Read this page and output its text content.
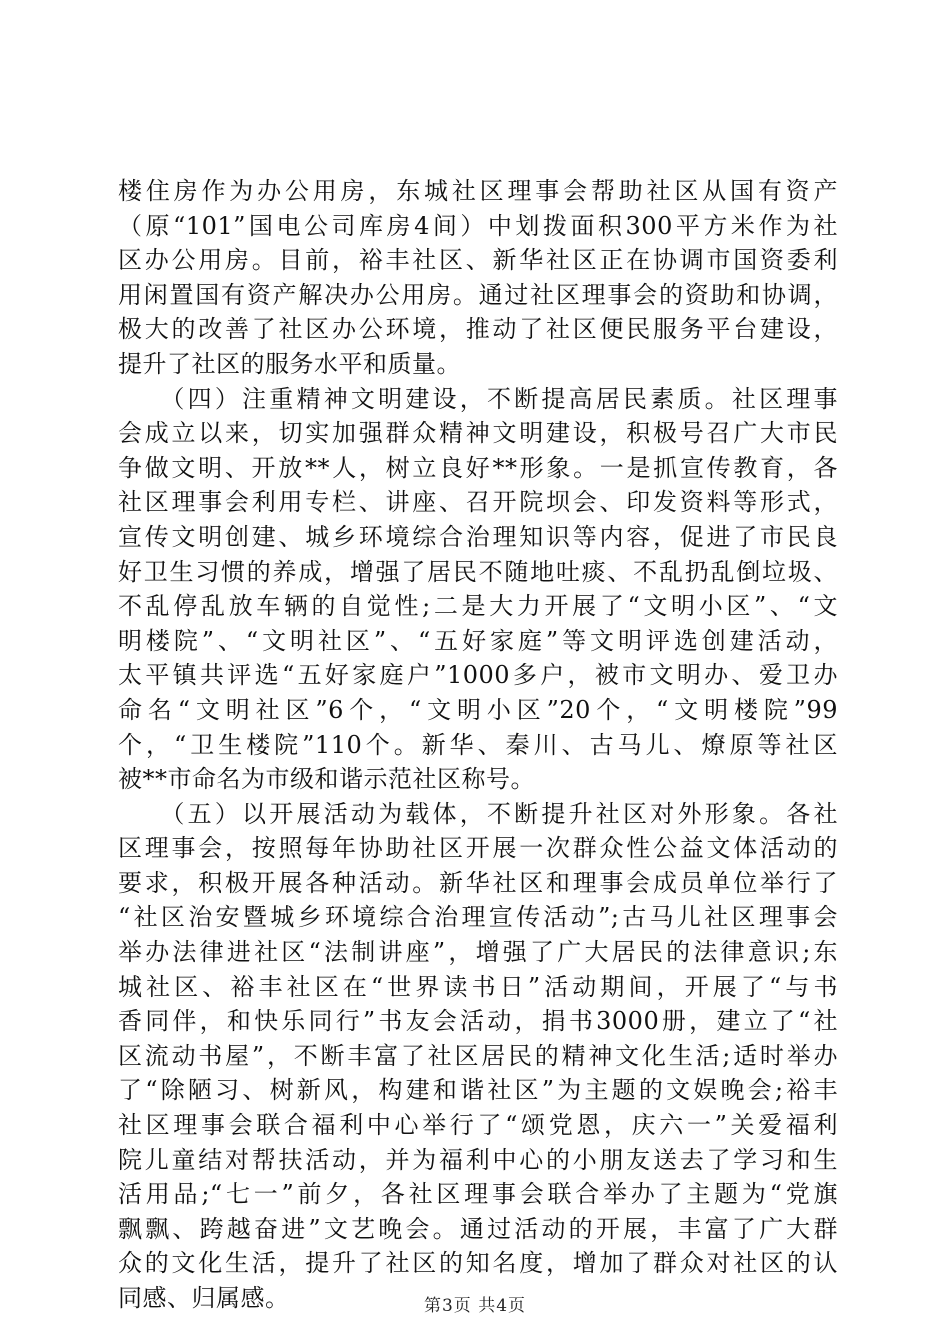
楼住房作为办公用房，东城社区理事会帮助社区从国有资产
（原“101”国电公司库房4间）中划拨面积300平方米作为社
区办公用房。目前，裕丰社区、新华社区正在协调市国资委利
用闲置国有资产解决办公用房。通过社区理事会的资助和协调，
极大的改善了社区办公环境，推动了社区便民服务平台建设，
提升了社区的服务水平和质量。
　　（四）注重精神文明建设，不断提高居民素质。社区理事
会成立以来，切实加强群众精神文明建设，积极号召广大市民
争做文明、开放**人，树立良好**形象。一是抓宣传教育，各
社区理事会利用专栏、讲座、召开院坝会、印发资料等形式，
宣传文明创建、城乡环境综合治理知识等内容，促进了市民良
好卫生习惯的养成，增强了居民不随地吐痰、不乱扔乱倒垃圾、
不乱停乱放车辆的自觉性;二是大力开展了“文明小区”、“文
明楼院”、“文明社区”、“五好家庭”等文明评选创建活动，
太平镇共评选“五好家庭户”1000多户，被市文明办、爱卫办
命名“文明社区”6个，“文明小区”20个，“文明楼院”99
个，“卫生楼院”110个。新华、秦川、古马儿、燎原等社区
被**市命名为市级和谐示范社区称号。
　　（五）以开展活动为载体，不断提升社区对外形象。各社
区理事会，按照每年协助社区开展一次群众性公益文体活动的
要求，积极开展各种活动。新华社区和理事会成员单位举行了
“社区治安暨城乡环境综合治理宣传活动”;古马儿社区理事会
举办法律进社区“法制讲座”，增强了广大居民的法律意识;东
城社区、裕丰社区在“世界读书日”活动期间，开展了“与书
香同伴，和快乐同行”书友会活动，捐书3000册，建立了“社
区流动书屋”，不断丰富了社区居民的精神文化生活;适时举办
了“除陋习、树新风，构建和谐社区”为主题的文娱晚会;裕丰
社区理事会联合福利中心举行了“颂党恩，庆六一”关爱福利
院儿童结对帮扶活动，并为福利中心的小朋友送去了学习和生
活用品;“七一”前夕，各社区理事会联合举办了主题为“党旗
飘飘、跨越奋进”文艺晚会。通过活动的开展，丰富了广大群
众的文化生活，提升了社区的知名度，增加了群众对社区的认
同感、归属感。	第3页 共4页
